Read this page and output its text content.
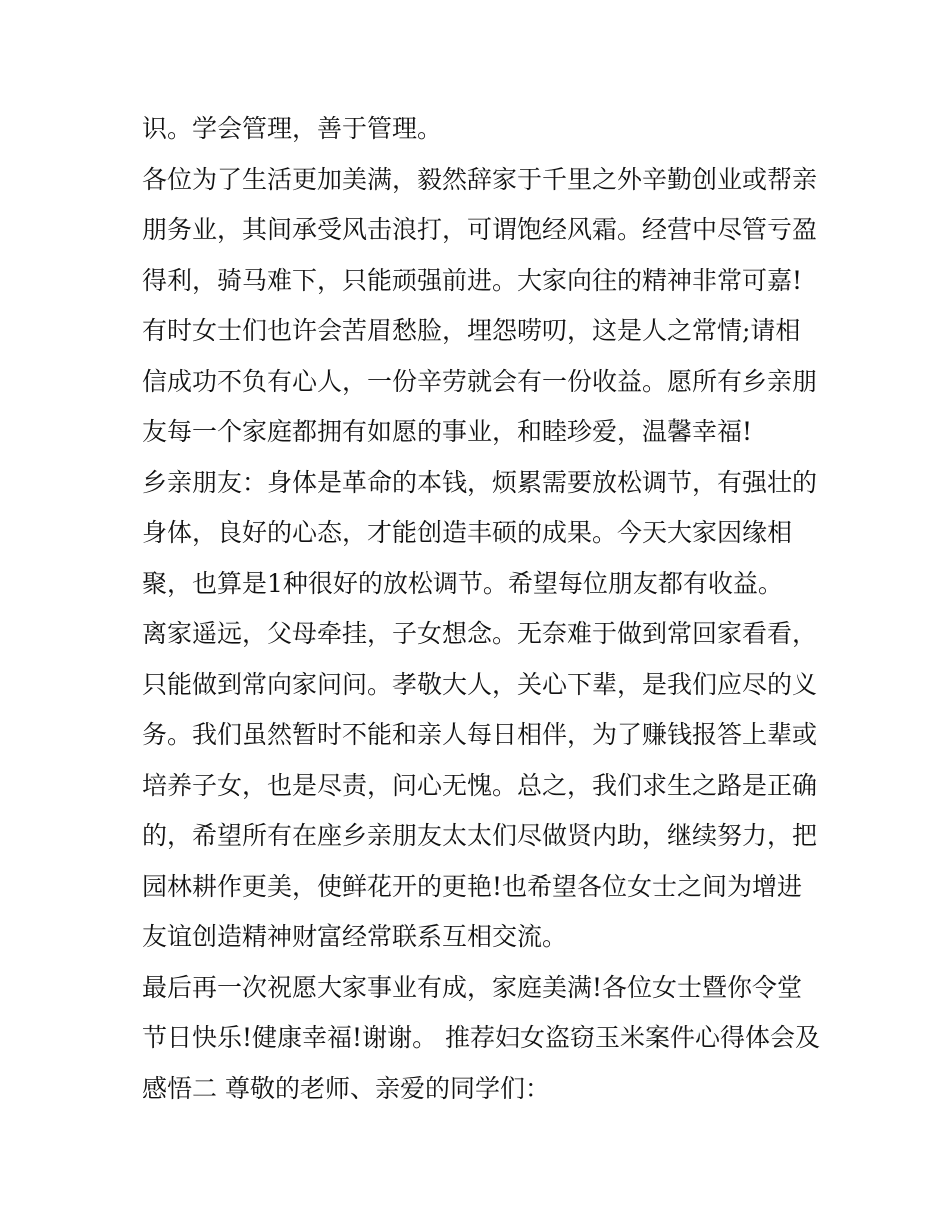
识。学会管理，善于管理。
各位为了生活更加美满，毅然辞家于千里之外辛勤创业或帮亲
朋务业，其间承受风击浪打，可谓饱经风霜。经营中尽管亏盈
得利，骑马难下，只能顽强前进。大家向往的精神非常可嘉!
有时女士们也许会苦眉愁脸，埋怨唠叨，这是人之常情;请相
信成功不负有心人，一份辛劳就会有一份收益。愿所有乡亲朋
友每一个家庭都拥有如愿的事业，和睦珍爱，温馨幸福!
乡亲朋友：身体是革命的本钱，烦累需要放松调节，有强壮的
身体，良好的心态，才能创造丰硕的成果。今天大家因缘相
聚，也算是1种很好的放松调节。希望每位朋友都有收益。
离家遥远，父母牵挂，子女想念。无奈难于做到常回家看看，
只能做到常向家问问。孝敬大人，关心下辈，是我们应尽的义
务。我们虽然暂时不能和亲人每日相伴，为了赚钱报答上辈或
培养子女，也是尽责，问心无愧。总之，我们求生之路是正确
的，希望所有在座乡亲朋友太太们尽做贤内助，继续努力，把
园林耕作更美，使鲜花开的更艳!也希望各位女士之间为增进
友谊创造精神财富经常联系互相交流。
最后再一次祝愿大家事业有成，家庭美满!各位女士暨你令堂
节日快乐!健康幸福!谢谢。 推荐妇女盗窃玉米案件心得体会及
感悟二 尊敬的老师、亲爱的同学们：
